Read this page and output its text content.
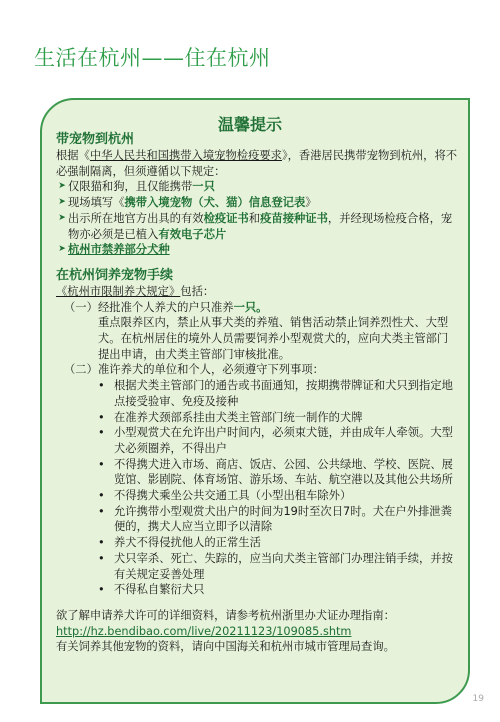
生活在杭州——住在杭州
温馨提示

带宠物到杭州

根据《中华人民共和国携带入境宠物检疫要求》，香港居民携带宠物到杭州，将不必强制隔离，但须遵循以下规定：

➤ 仅限猫和狗，且仅能携带一只
➤ 现场填写《携带入境宠物（犬、猫）信息登记表》
➤ 出示所在地官方出具的有效检疫证书和疫苗接种证书，并经现场检疫合格，宠物亦必须是已植入有效电子芯片
➤ 杭州市禁养部分犬种

在杭州饲养宠物手续

《杭州市限制养犬规定》包括：

（一） 经批准个人养犬的户只准养一只。

重点限养区内，禁止从事犬类的养殖、销售活动禁止饲养烈性犬、大型犬。在杭州居住的境外人员需要饲养小型观赏犬的，应向犬类主管部门提出申请，由犬类主管部门审核批准。

（二） 准许养犬的单位和个人，必须遵守下列事项：
• 根据犬类主管部门的通告或书面通知，按期携带牌证和犬只到指定地点接受验审、免疫及接种
• 在准养犬颈部系挂由犬类主管部门统一制作的犬牌
• 小型观赏犬在允许出户时间内，必须束犬链，并由成年人牵领。大型犬必须圈养，不得出户
• 不得携犬进入市场、商店、饭店、公园、公共绿地、学校、医院、展览馆、影剧院、体育场馆、游乐场、车站、航空港以及其他公共场所
• 不得携犬乘坐公共交通工具（小型出租车除外）
• 允许携带小型观赏犬出户的时间为19时至次日7时。犬在户外排泄粪便的，携犬人应当立即予以清除
• 养犬不得侵扰他人的正常生活
• 犬只宰杀、死亡、失踪的，应当向犬类主管部门办理注销手续，并按有关规定妥善处理
• 不得私自繁衍犬只

欲了解申请养犬许可的详细资料，请参考杭州浙里办犬证办理指南：

http://hz.bendibao.com/live/20211123/109085.shtm

有关饲养其他宠物的资料，请向中国海关和杭州市城市管理局查询。

19
